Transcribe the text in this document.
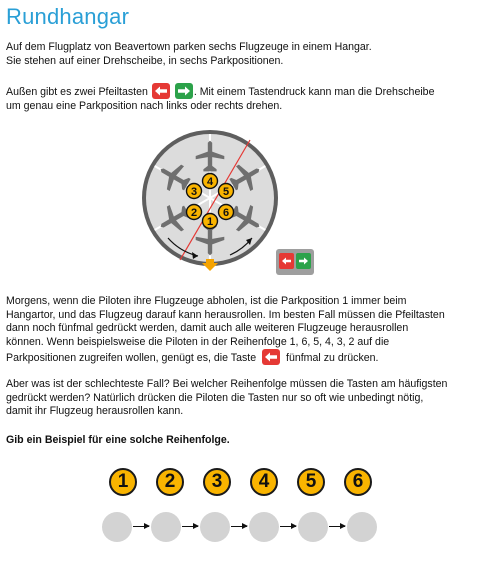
Rundhangar

Auf dem Flugplatz von Beavertown parken sechs Flugzeuge in einem Hangar.

Sie stehen auf einer Drehscheibe, in sechs Parkpositionen.

Außen gibt es zwei Pfeiltasten
	. Mit einem Tastendruck kann man die Drehscheibe

um genau eine Parkposition nach links oder rechts drehen.

1
2
3
4
5
6

Morgens, wenn die Piloten ihre Flugzeuge abholen, ist die Parkposition 1 immer beim

Hangartor, und das Flugzeug darauf kann herausrollen. Im besten Fall müssen die Pfeiltasten

dann noch fünfmal gedrückt werden, damit auch alle weiteren Flugzeuge herausrollen

können. Wenn beispielsweise die Piloten in der Reihenfolge 1, 6, 5, 4, 3, 2 auf die

Parkpositionen zugreifen wollen, genügt es, die Taste	fünfmal zu drücken.

Aber was ist der schlechteste Fall? Bei welcher Reihenfolge müssen die Tasten am häufigsten

gedrückt werden? Natürlich drücken die Piloten die Tasten nur so oft wie unbedingt nötig,

damit ihr Flugzeug herausrollen kann.

Gib ein Beispiel für eine solche Reihenfolge.
1	2	3	4	5	6
